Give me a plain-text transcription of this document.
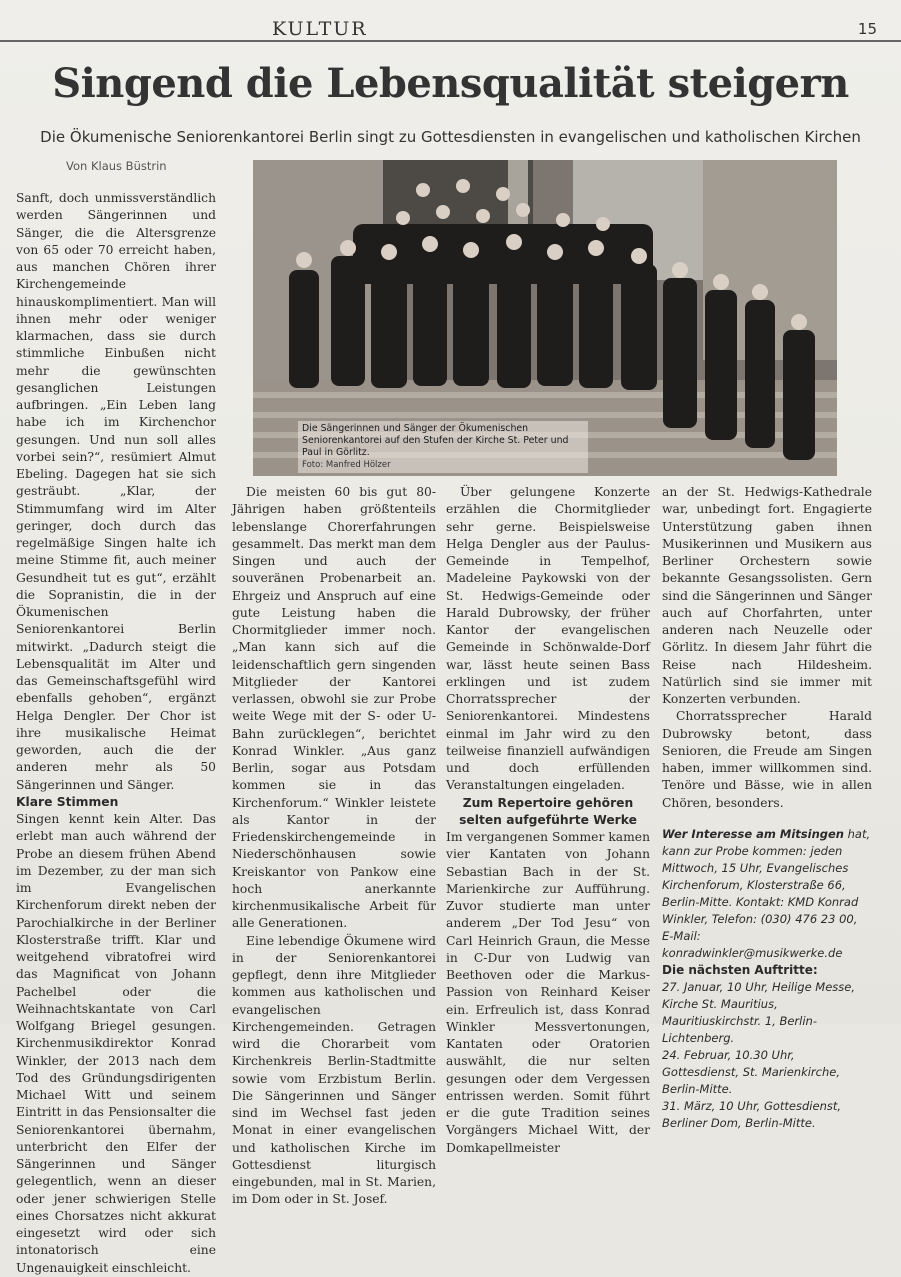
KULTUR	15
Singend die Lebensqualität steigern
Die Ökumenische Seniorenkantorei Berlin singt zu Gottesdiensten in evangelischen und katholischen Kirchen
Von Klaus Büstrin
Die Sängerinnen und Sänger der Ökumenischen Seniorenkantorei auf den Stufen der Kirche St. Peter und Paul in Görlitz.
Foto: Manfred Hölzer

Sanft, doch unmissverständlich werden Sängerinnen und Sänger, die die Altersgrenze von 65 oder 70 erreicht haben, aus manchen Chören ihrer Kirchengemeinde hinauskomplimentiert. Man will ihnen mehr oder weniger klarmachen, dass sie durch stimmliche Einbußen nicht mehr die gewünschten gesanglichen Leistungen aufbringen. „Ein Leben lang habe ich im Kirchenchor gesungen. Und nun soll alles vorbei sein?“, resümiert Almut Ebeling. Dagegen hat sie sich gesträubt. „Klar, der Stimmumfang wird im Alter geringer, doch durch das regelmäßige Singen halte ich meine Stimme fit, auch meiner Gesundheit tut es gut“, erzählt die Sopranistin, die in der Ökumenischen Seniorenkantorei Berlin mitwirkt. „Dadurch steigt die Lebensqualität im Alter und das Gemeinschaftsgefühl wird ebenfalls gehoben“, ergänzt Helga Dengler. Der Chor ist ihre musikalische Heimat geworden, auch die der anderen mehr als 50 Sängerinnen und Sänger.

Klare Stimmen

Singen kennt kein Alter. Das erlebt man auch während der Probe an diesem frühen Abend im Dezember, zu der man sich im Evangelischen Kirchenforum direkt neben der Parochialkirche in der Berliner Klosterstraße trifft. Klar und weitgehend vibratofrei wird das Magnificat von Johann Pachelbel oder die Weihnachtskantate von Carl Wolfgang Briegel gesungen. Kirchenmusikdirektor Konrad Winkler, der 2013 nach dem Tod des Gründungsdirigenten Michael Witt und seinem Eintritt in das Pensionsalter die Seniorenkantorei übernahm, unterbricht den Elfer der Sängerinnen und Sänger gelegentlich, wenn an dieser oder jener schwierigen Stelle eines Chorsatzes nicht akkurat eingesetzt wird oder sich intonatorisch eine Ungenauigkeit einschleicht.

Die meisten 60 bis gut 80-Jährigen haben größtenteils lebenslange Chorerfahrungen gesammelt. Das merkt man dem Singen und auch der souveränen Probenarbeit an. Ehrgeiz und Anspruch auf eine gute Leistung haben die Chormitglieder immer noch. „Man kann sich auf die leidenschaftlich gern singenden Mitglieder der Kantorei verlassen, obwohl sie zur Probe weite Wege mit der S- oder U-Bahn zurücklegen“, berichtet Konrad Winkler. „Aus ganz Berlin, sogar aus Potsdam kommen sie in das Kirchenforum.“ Winkler leistete als Kantor in der Friedenskirchengemeinde in Niederschönhausen sowie Kreiskantor von Pankow eine hoch anerkannte kirchenmusikalische Arbeit für alle Generationen.

Eine lebendige Ökumene wird in der Seniorenkantorei gepflegt, denn ihre Mitglieder kommen aus katholischen und evangelischen Kirchengemeinden. Getragen wird die Chorarbeit vom Kirchenkreis Berlin-Stadtmitte sowie vom Erzbistum Berlin. Die Sängerinnen und Sänger sind im Wechsel fast jeden Monat in einer evangelischen und katholischen Kirche im Gottesdienst liturgisch eingebunden, mal in St. Marien, im Dom oder in St. Josef.

Über gelungene Konzerte erzählen die Chormitglieder sehr gerne. Beispielsweise Helga Dengler aus der Paulus-Gemeinde in Tempelhof, Madeleine Paykowski von der St. Hedwigs-Gemeinde oder Harald Dubrowsky, der früher Kantor der evangelischen Gemeinde in Schönwalde-Dorf war, lässt heute seinen Bass erklingen und ist zudem Chorratssprecher der Seniorenkantorei. Mindestens einmal im Jahr wird zu den teilweise finanziell aufwändigen und doch erfüllenden Veranstaltungen eingeladen.

Zum Repertoire gehören selten aufgeführte Werke

Im vergangenen Sommer kamen vier Kantaten von Johann Sebastian Bach in der St. Marienkirche zur Aufführung. Zuvor studierte man unter anderem „Der Tod Jesu“ von Carl Heinrich Graun, die Messe in C-Dur von Ludwig van Beethoven oder die Markus-Passion von Reinhard Keiser ein. Erfreulich ist, dass Konrad Winkler Messvertonungen, Kantaten oder Oratorien auswählt, die nur selten gesungen oder dem Vergessen entrissen werden. Somit führt er die gute Tradition seines Vorgängers Michael Witt, der Domkapellmeister

an der St. Hedwigs-Kathedrale war, unbedingt fort. Engagierte Unterstützung gaben ihnen Musikerinnen und Musikern aus Berliner Orchestern sowie bekannte Gesangssolisten. Gern sind die Sängerinnen und Sänger auch auf Chorfahrten, unter anderen nach Neuzelle oder Görlitz. In diesem Jahr führt die Reise nach Hildesheim. Natürlich sind sie immer mit Konzerten verbunden.

Chorratssprecher Harald Dubrowsky betont, dass Senioren, die Freude am Singen haben, immer willkommen sind. Tenöre und Bässe, wie in allen Chören, besonders.

Wer Interesse am Mitsingen hat, kann zur Probe kommen: jeden Mittwoch, 15 Uhr, Evangelisches Kirchenforum, Klosterstraße 66, Berlin-Mitte. Kontakt: KMD Konrad Winkler, Telefon: (030) 476 23 00, E-Mail: konradwinkler@musikwerke.de

Die nächsten Auftritte:

27. Januar, 10 Uhr, Heilige Messe, Kirche St. Mauritius, Mauritiuskirchstr. 1, Berlin-Lichtenberg.

24. Februar, 10.30 Uhr, Gottesdienst, St. Marienkirche, Berlin-Mitte.

31. März, 10 Uhr, Gottesdienst, Berliner Dom, Berlin-Mitte.
